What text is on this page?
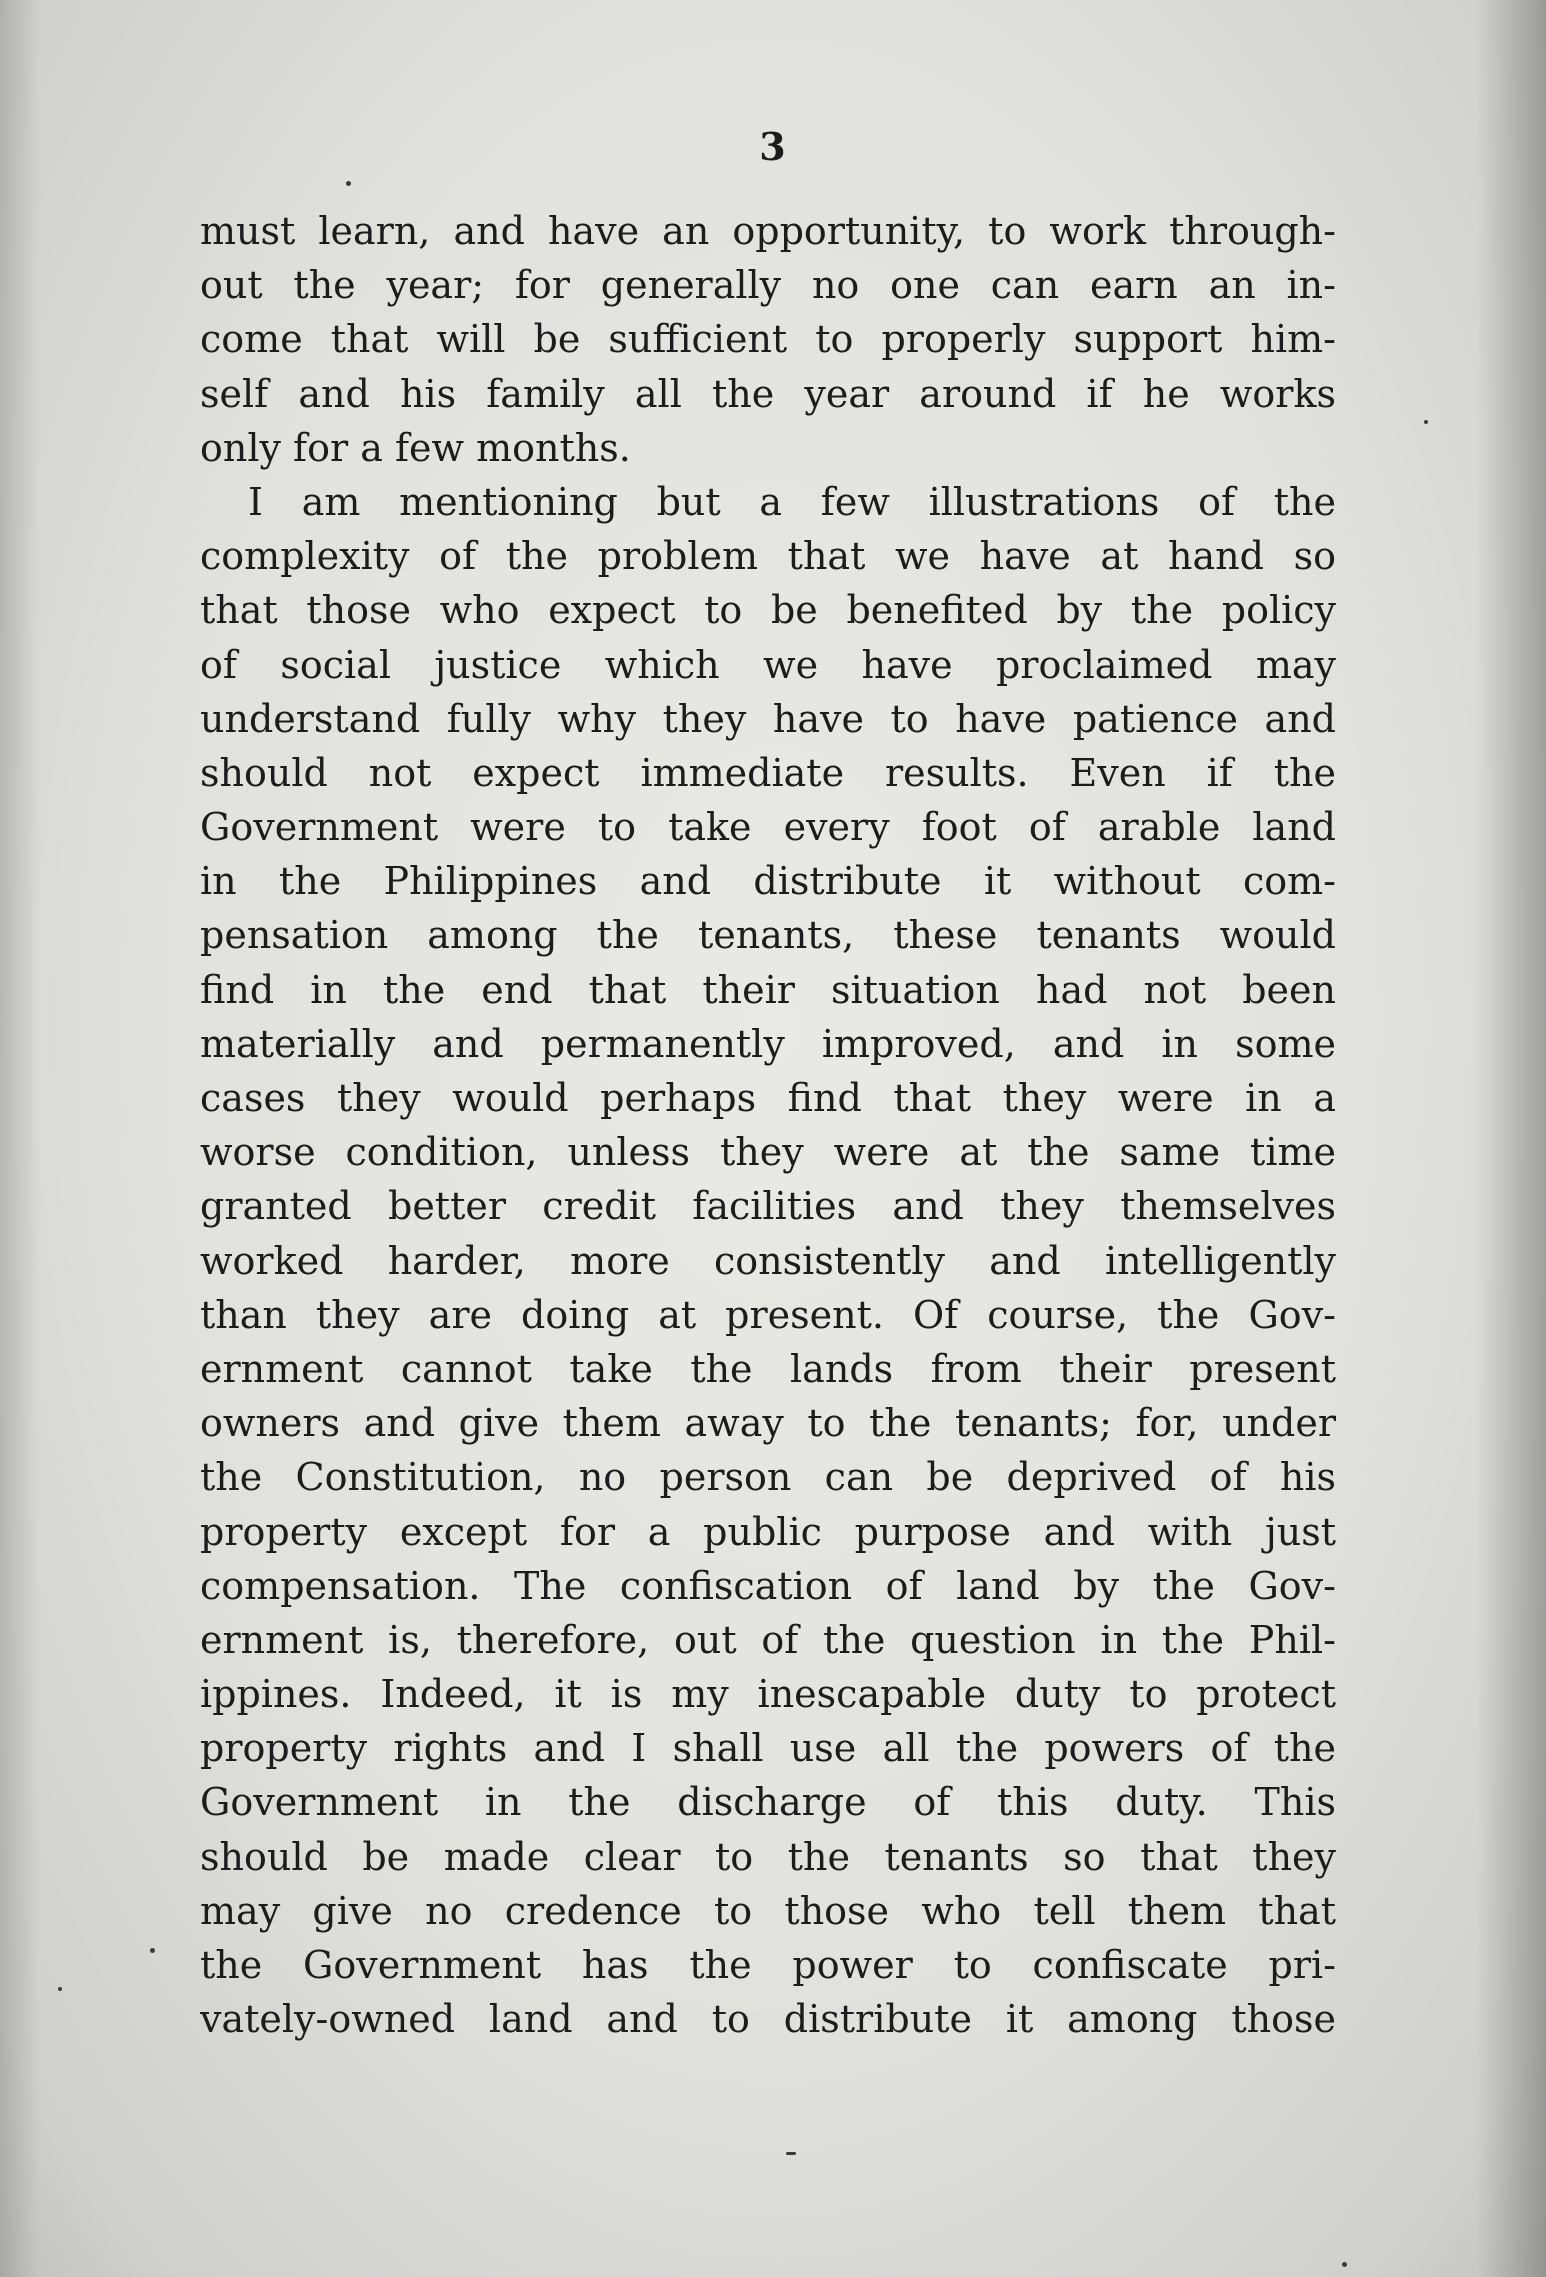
3
must learn, and have an opportunity, to work through-
out the year; for generally no one can earn an in-
come that will be sufficient to properly support him-
self and his family all the year around if he works
only for a few months.
I am mentioning but a few illustrations of the
complexity of the problem that we have at hand so
that those who expect to be benefited by the policy
of social justice which we have proclaimed may
understand fully why they have to have patience and
should not expect immediate results. Even if the
Government were to take every foot of arable land
in the Philippines and distribute it without com-
pensation among the tenants, these tenants would
find in the end that their situation had not been
materially and permanently improved, and in some
cases they would perhaps find that they were in a
worse condition, unless they were at the same time
granted better credit facilities and they themselves
worked harder, more consistently and intelligently
than they are doing at present. Of course, the Gov-
ernment cannot take the lands from their present
owners and give them away to the tenants; for, under
the Constitution, no person can be deprived of his
property except for a public purpose and with just
compensation. The confiscation of land by the Gov-
ernment is, therefore, out of the question in the Phil-
ippines. Indeed, it is my inescapable duty to protect
property rights and I shall use all the powers of the
Government in the discharge of this duty. This
should be made clear to the tenants so that they
may give no credence to those who tell them that
the Government has the power to confiscate pri-
vately-owned land and to distribute it among those
